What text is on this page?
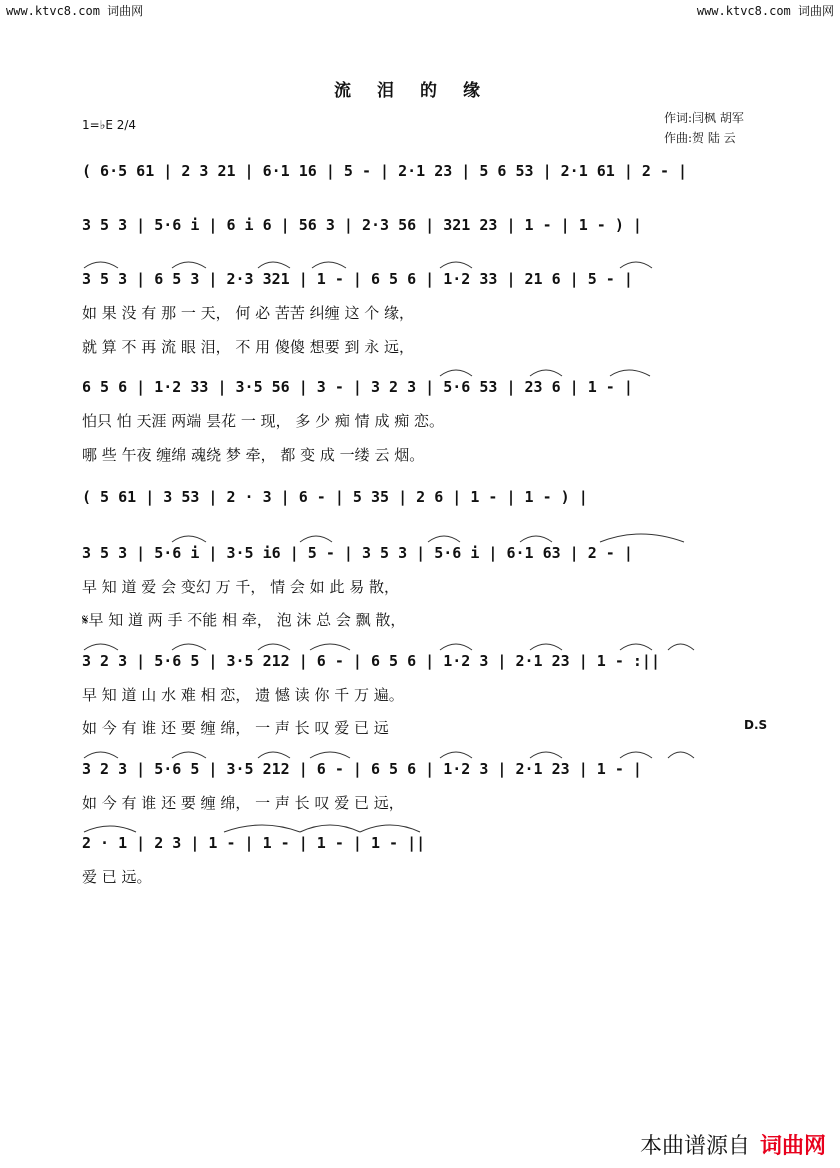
www.ktvc8.com 词曲网	www.ktvc8.com 词曲网
流泪的缘
1=♭E 2/4	作词:闫枫 胡军
作曲:贺 陆 云
( 6·5 61 | 2 3 21 | 6·1 16 | 5 - | 2·1 23 | 5 6 53 | 2·1 61 | 2 - |
3 5 3 | 5·6 i | 6 i 6 | 56 3 | 2·3 56 | 321 23 | 1 - | 1 - ) |
3 5 3 | 6 5 3 | 2·3 321 | 1 - | 6 5 6 | 1·2 33 | 21 6 | 5 - |
如 果 没 有 那 一 天， 何 必 苦苦 纠缠 这 个 缘，
就 算 不 再 流 眼 泪， 不 用 傻傻 想要 到 永 远，
6 5 6 | 1·2 33 | 3·5 56 | 3 - | 3 2 3 | 5·6 53 | 23 6 | 1 - |
怕只 怕 天涯 两端 昙花 一 现， 多 少 痴 情 成 痴 恋。
哪 些 午夜 缠绵 魂绕 梦 牵， 都 变 成 一缕 云 烟。
( 5 61 | 3 53 | 2 · 3 | 6 - | 5 35 | 2 6 | 1 - | 1 - ) |
3 5 3 | 5·6 i | 3·5 i6 | 5 - | 3 5 3 | 5·6 i | 6·1 63 | 2 - |
早 知 道 爱 会 变幻 万 千， 情 会 如 此 易 散，
𝄋早 知 道 两 手 不能 相 牵， 泡 沫 总 会 飘 散，
3 2 3 | 5·6 5 | 3·5 212 | 6 - | 6 5 6 | 1·2 3 | 2·1 23 | 1 - :||
早 知 道 山 水 难 相 恋， 遗 憾 读 你 千 万 遍。
如 今 有 谁 还 要 缠 绵， 一 声 长 叹 爱 已 远	D.S
3 2 3 | 5·6 5 | 3·5 212 | 6 - | 6 5 6 | 1·2 3 | 2·1 23 | 1 - |
如 今 有 谁 还 要 缠 绵， 一 声 长 叹 爱 已 远，
2 · 1 | 2 3 | 1 - | 1 - | 1 - | 1 - ||
爱 已 远。
本曲谱源自 词曲网
